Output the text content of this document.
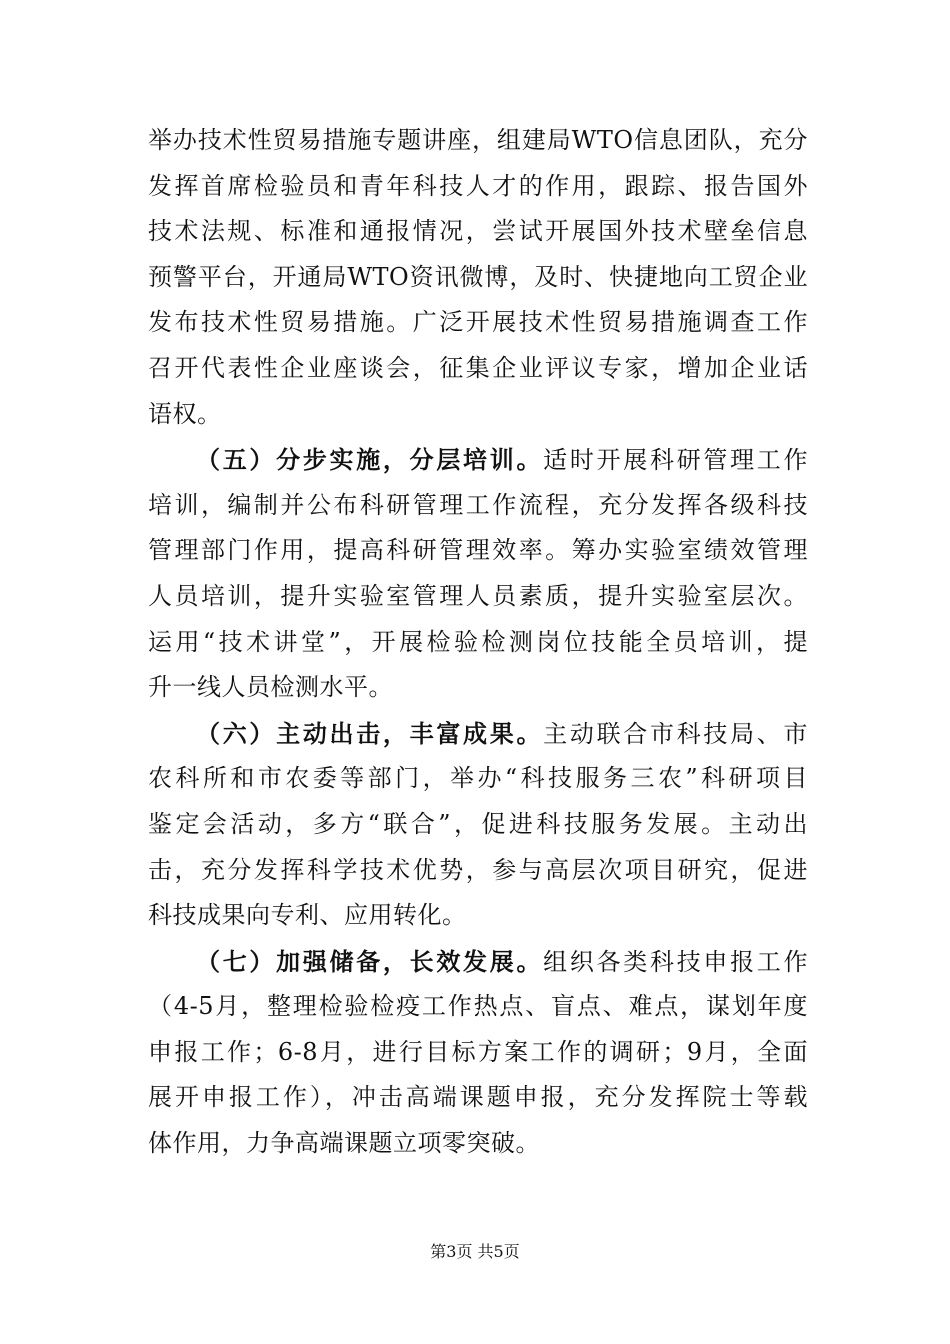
举办技术性贸易措施专题讲座，组建局WTO信息团队，充分
发挥首席检验员和青年科技人才的作用，跟踪、报告国外
技术法规、标准和通报情况，尝试开展国外技术壁垒信息
预警平台，开通局WTO资讯微博，及时、快捷地向工贸企业
发布技术性贸易措施。广泛开展技术性贸易措施调查工作
召开代表性企业座谈会，征集企业评议专家，增加企业话
语权。
（五）分步实施，分层培训。适时开展科研管理工作
培训，编制并公布科研管理工作流程，充分发挥各级科技
管理部门作用，提高科研管理效率。筹办实验室绩效管理
人员培训，提升实验室管理人员素质，提升实验室层次。
运用“技术讲堂”，开展检验检测岗位技能全员培训，提
升一线人员检测水平。
（六）主动出击，丰富成果。主动联合市科技局、市
农科所和市农委等部门，举办“科技服务三农”科研项目
鉴定会活动，多方“联合”，促进科技服务发展。主动出
击，充分发挥科学技术优势，参与高层次项目研究，促进
科技成果向专利、应用转化。
（七）加强储备，长效发展。组织各类科技申报工作
（4-5月，整理检验检疫工作热点、盲点、难点，谋划年度
申报工作；6-8月，进行目标方案工作的调研；9月，全面
展开申报工作），冲击高端课题申报，充分发挥院士等载
体作用，力争高端课题立项零突破。
第3页 共5页
